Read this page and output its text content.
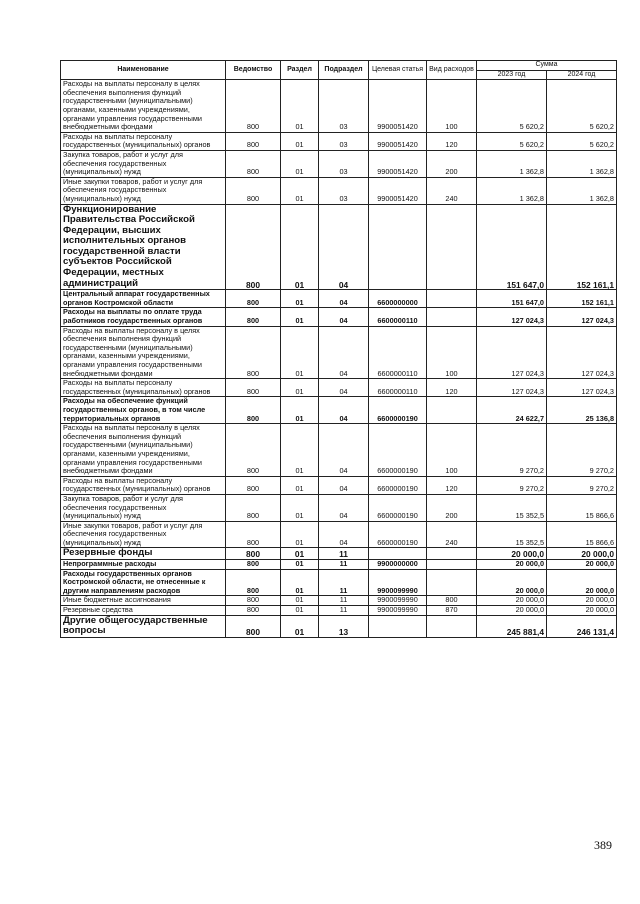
Наименование	Ведомство	Раздел	Подраздел	Целевая статья	Вид расходов	Сумма	
						2023 год	2024 год
Расходы на выплаты персоналу в целях обеспечения выполнения функций государственными (муниципальными) органами, казенными учреждениями, органами управления государственными внебюджетными фондами	800	01	03	9900051420	100	5 620,2	5 620,2
Расходы на выплаты персоналу государственных (муниципальных) органов	800	01	03	9900051420	120	5 620,2	5 620,2
Закупка товаров, работ и услуг для обеспечения государственных (муниципальных) нужд	800	01	03	9900051420	200	1 362,8	1 362,8
Иные закупки товаров, работ и услуг для обеспечения государственных (муниципальных) нужд	800	01	03	9900051420	240	1 362,8	1 362,8
Функционирование Правительства Российской Федерации, высших исполнительных органов государственной власти субъектов Российской Федерации, местных администраций	800	01	04			151 647,0	152 161,1
Центральный аппарат государственных органов Костромской области	800	01	04	6600000000		151 647,0	152 161,1
Расходы на выплаты по оплате труда работников государственных органов	800	01	04	6600000110		127 024,3	127 024,3
Расходы на выплаты персоналу в целях обеспечения выполнения функций государственными (муниципальными) органами, казенными учреждениями, органами управления государственными внебюджетными фондами	800	01	04	6600000110	100	127 024,3	127 024,3
Расходы на выплаты персоналу государственных (муниципальных) органов	800	01	04	6600000110	120	127 024,3	127 024,3
Расходы на обеспечение функций государственных органов, в том числе территориальных органов	800	01	04	6600000190		24 622,7	25 136,8
Расходы на выплаты персоналу в целях обеспечения выполнения функций государственными (муниципальными) органами, казенными учреждениями, органами управления государственными внебюджетными фондами	800	01	04	6600000190	100	9 270,2	9 270,2
Расходы на выплаты персоналу государственных (муниципальных) органов	800	01	04	6600000190	120	9 270,2	9 270,2
Закупка товаров, работ и услуг для обеспечения государственных (муниципальных) нужд	800	01	04	6600000190	200	15 352,5	15 866,6
Иные закупки товаров, работ и услуг для обеспечения государственных (муниципальных) нужд	800	01	04	6600000190	240	15 352,5	15 866,6
Резервные фонды	800	01	11			20 000,0	20 000,0
Непрограммные расходы	800	01	11	9900000000		20 000,0	20 000,0
Расходы государственных органов Костромской области, не отнесенные к другим направлениям расходов	800	01	11	9900099990		20 000,0	20 000,0
Иные бюджетные ассигнования	800	01	11	9900099990	800	20 000,0	20 000,0
Резервные средства	800	01	11	9900099990	870	20 000,0	20 000,0
Другие общегосударственные вопросы	800	01	13			245 881,4	246 131,4
389
